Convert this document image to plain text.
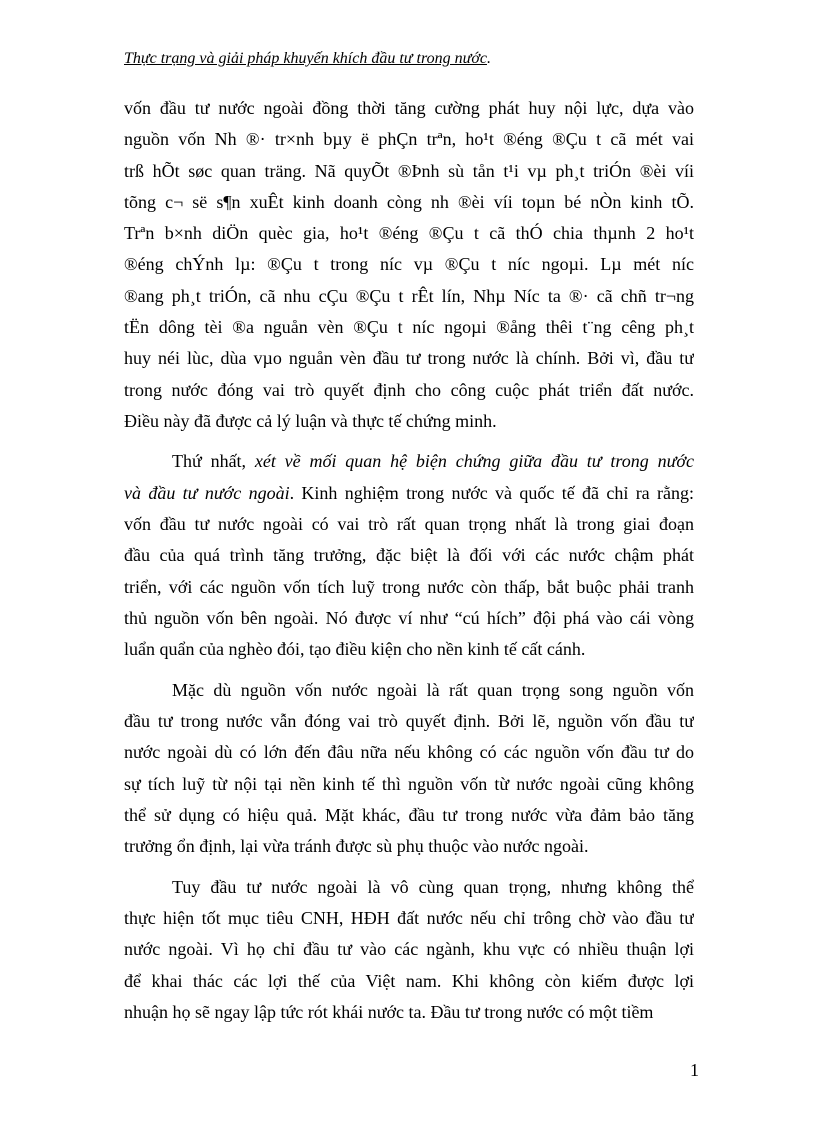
Thực trạng và giải pháp khuyến khích đầu tư trong nước.
vốn đầu tư nước ngoài đồng thời tăng cường phát huy nội lực, dựa vào
nguồn vốn Nh ®· tr×nh bµy ë phÇn trªn, ho¹t ®éng ®Çu t cã mét vai
trß hÕt søc quan träng. Nã quyÕt ®Þnh sù tån t¹i vµ ph¸t triÓn ®èi víi
tõng c¬ së s¶n xuÊt kinh doanh còng nh ®èi víi toµn bé nÒn kinh tÕ.
Trªn b×nh diÖn quèc gia, ho¹t ®éng ®Çu t cã thÓ chia thµnh 2 ho¹t
®éng chÝnh lµ: ®Çu t trong níc vµ ®Çu t níc ngoµi. Lµ mét níc
®ang ph¸t triÓn, cã nhu cÇu ®Çu t rÊt lín, Nhµ Níc ta ®· cã chñ tr¬ng
tËn dông tèi ®a nguån vèn ®Çu t níc ngoµi ®ång thêi t¨ng cêng ph¸t
huy néi lùc, dùa vµo nguån vèn đầu tư trong nước là chính. Bởi vì, đầu tư
trong nước đóng vai trò quyết định cho công cuộc phát triển đất nước.
Điều này đã được cả lý luận và thực tế chứng minh.
Thứ nhất, xét về mối quan hệ biện chứng giữa đầu tư trong nước
và đầu tư nước ngoài. Kinh nghiệm trong nước và quốc tế đã chỉ ra rằng:
vốn đầu tư nước ngoài có vai trò rất quan trọng nhất là trong giai đoạn
đầu của quá trình tăng trưởng, đặc biệt là đối với các nước chậm phát
triển, với các nguồn vốn tích luỹ trong nước còn thấp, bắt buộc phải tranh
thủ nguồn vốn bên ngoài. Nó được ví như “cú hích” đội phá vào cái vòng
luẩn quẩn của nghèo đói, tạo điều kiện cho nền kinh tế cất cánh.
Mặc dù nguồn vốn nước ngoài là rất quan trọng song nguồn vốn
đầu tư trong nước vẫn đóng vai trò quyết định. Bởi lẽ, nguồn vốn đầu tư
nước ngoài dù có lớn đến đâu nữa nếu không có các nguồn vốn đầu tư do
sự tích luỹ từ nội tại nền kinh tế thì nguồn vốn từ nước ngoài cũng không
thể sử dụng có hiệu quả. Mặt khác, đầu tư trong nước vừa đảm bảo tăng
trưởng ổn định, lại vừa tránh được sù phụ thuộc vào nước ngoài.
Tuy đầu tư nước ngoài là vô cùng quan trọng, nhưng không thể
thực hiện tốt mục tiêu CNH, HĐH đất nước nếu chỉ trông chờ vào đầu tư
nước ngoài. Vì họ chỉ đầu tư vào các ngành, khu vực có nhiều thuận lợi
để khai thác các lợi thế của Việt nam. Khi không còn kiếm được lợi
nhuận họ sẽ ngay lập tức rót khái nước ta. Đầu tư trong nước có một tiềm
1
